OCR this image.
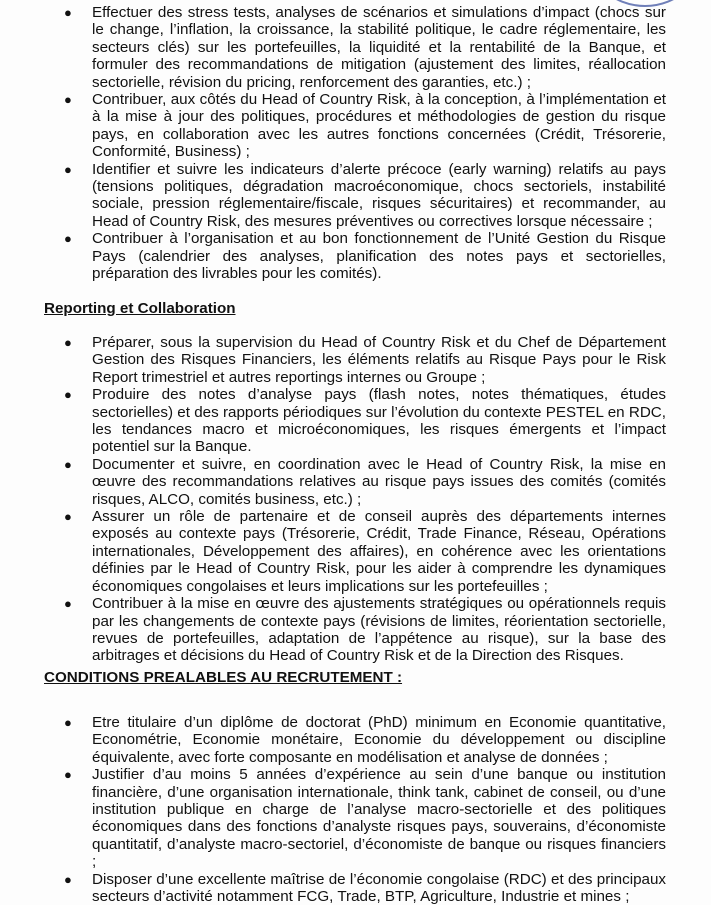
● Effectuer des stress tests, analyses de scénarios et simulations d’impact (chocs sur le change, l’inflation, la croissance, la stabilité politique, le cadre réglementaire, les secteurs clés) sur les portefeuilles, la liquidité et la rentabilité de la Banque, et formuler des recommandations de mitigation (ajustement des limites, réallocation sectorielle, révision du pricing, renforcement des garanties, etc.) ;
● Contribuer, aux côtés du Head of Country Risk, à la conception, à l’implémentation et à la mise à jour des politiques, procédures et méthodologies de gestion du risque pays, en collaboration avec les autres fonctions concernées (Crédit, Trésorerie, Conformité, Business) ;
● Identifier et suivre les indicateurs d’alerte précoce (early warning) relatifs au pays (tensions politiques, dégradation macroéconomique, chocs sectoriels, instabilité sociale, pression réglementaire/fiscale, risques sécuritaires) et recommander, au Head of Country Risk, des mesures préventives ou correctives lorsque nécessaire ;
● Contribuer à l’organisation et au bon fonctionnement de l’Unité Gestion du Risque Pays (calendrier des analyses, planification des notes pays et sectorielles, préparation des livrables pour les comités).
Reporting et Collaboration
● Préparer, sous la supervision du Head of Country Risk et du Chef de Département Gestion des Risques Financiers, les éléments relatifs au Risque Pays pour le Risk Report trimestriel et autres reportings internes ou Groupe ;
● Produire des notes d’analyse pays (flash notes, notes thématiques, études sectorielles) et des rapports périodiques sur l’évolution du contexte PESTEL en RDC, les tendances macro et microéconomiques, les risques émergents et l’impact potentiel sur la Banque.
● Documenter et suivre, en coordination avec le Head of Country Risk, la mise en œuvre des recommandations relatives au risque pays issues des comités (comités risques, ALCO, comités business, etc.) ;
● Assurer un rôle de partenaire et de conseil auprès des départements internes exposés au contexte pays (Trésorerie, Crédit, Trade Finance, Réseau, Opérations internationales, Développement des affaires), en cohérence avec les orientations définies par le Head of Country Risk, pour les aider à comprendre les dynamiques économiques congolaises et leurs implications sur les portefeuilles ;
● Contribuer à la mise en œuvre des ajustements stratégiques ou opérationnels requis par les changements de contexte pays (révisions de limites, réorientation sectorielle, revues de portefeuilles, adaptation de l’appétence au risque), sur la base des arbitrages et décisions du Head of Country Risk et de la Direction des Risques.
CONDITIONS PREALABLES AU RECRUTEMENT :
● Etre titulaire d’un diplôme de doctorat (PhD) minimum en Economie quantitative, Econométrie, Economie monétaire, Economie du développement ou discipline équivalente, avec forte composante en modélisation et analyse de données ;
● Justifier d’au moins 5 années d’expérience au sein d’une banque ou institution financière, d’une organisation internationale, think tank, cabinet de conseil, ou d’une institution publique en charge de l’analyse macro-sectorielle et des politiques économiques dans des fonctions d’analyste risques pays, souverains, d’économiste quantitatif, d’analyste macro-sectoriel, d’économiste de banque ou risques financiers ;
● Disposer d’une excellente maîtrise de l’économie congolaise (RDC) et des principaux secteurs d’activité notamment FCG, Trade, BTP, Agriculture, Industrie et mines ;
